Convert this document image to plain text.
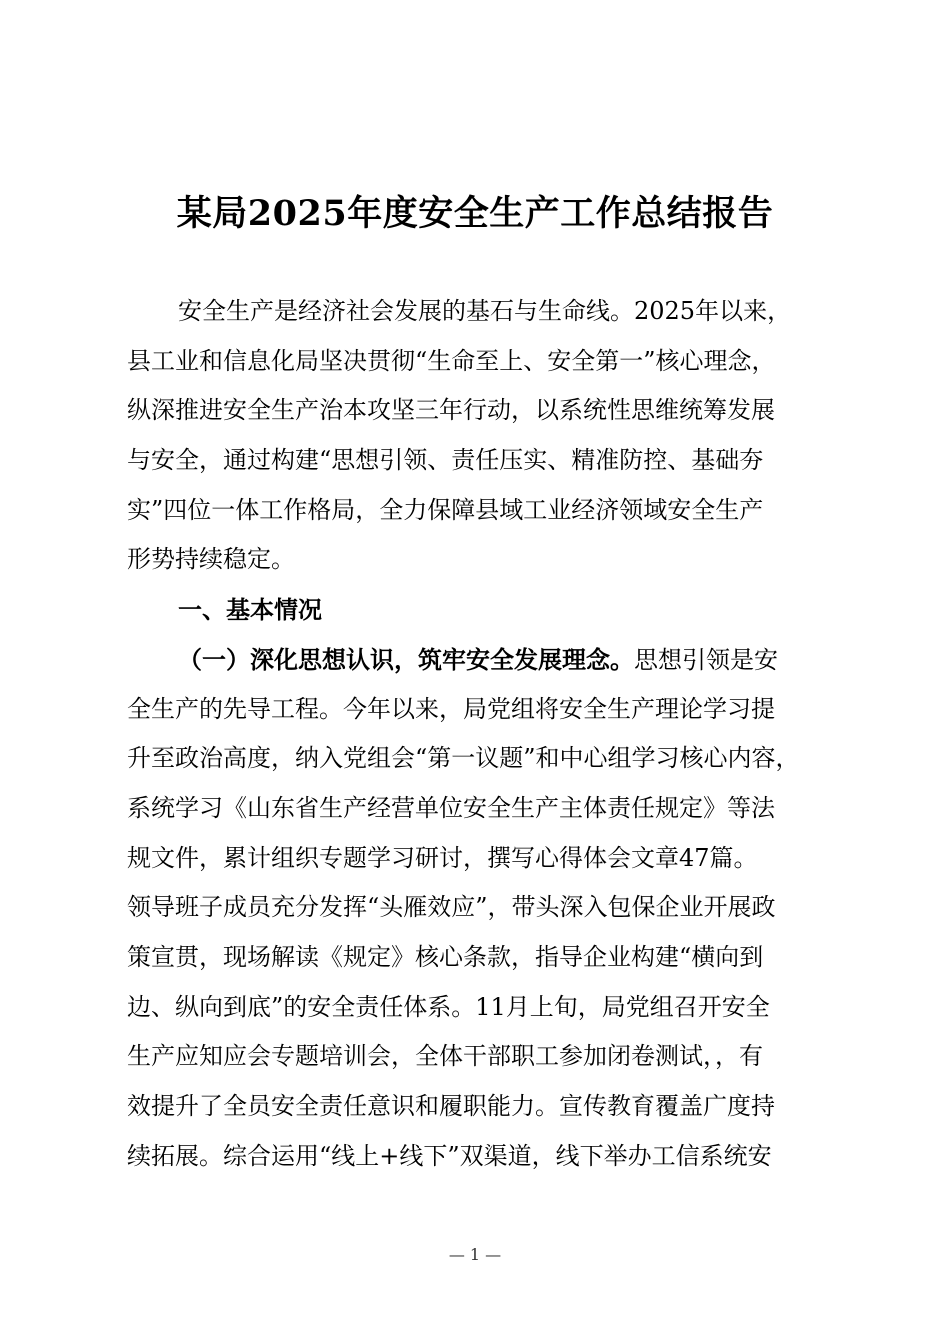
某局2025年度安全生产工作总结报告
安全生产是经济社会发展的基石与生命线。2025年以来，
县工业和信息化局坚决贯彻“生命至上、安全第一”核心理念，
纵深推进安全生产治本攻坚三年行动，以系统性思维统筹发展
与安全，通过构建“思想引领、责任压实、精准防控、基础夯
实”四位一体工作格局，全力保障县域工业经济领域安全生产
形势持续稳定。
一、基本情况
（一）深化思想认识，筑牢安全发展理念。思想引领是安
全生产的先导工程。今年以来，局党组将安全生产理论学习提
升至政治高度，纳入党组会“第一议题”和中心组学习核心内容，
系统学习《山东省生产经营单位安全生产主体责任规定》等法
规文件，累计组织专题学习研讨，撰写心得体会文章47篇。
领导班子成员充分发挥“头雁效应”，带头深入包保企业开展政
策宣贯，现场解读《规定》核心条款，指导企业构建“横向到
边、纵向到底”的安全责任体系。11月上旬，局党组召开安全
生产应知应会专题培训会，全体干部职工参加闭卷测试，，有
效提升了全员安全责任意识和履职能力。宣传教育覆盖广度持
续拓展。综合运用“线上+线下”双渠道，线下举办工信系统安
— 1 —
